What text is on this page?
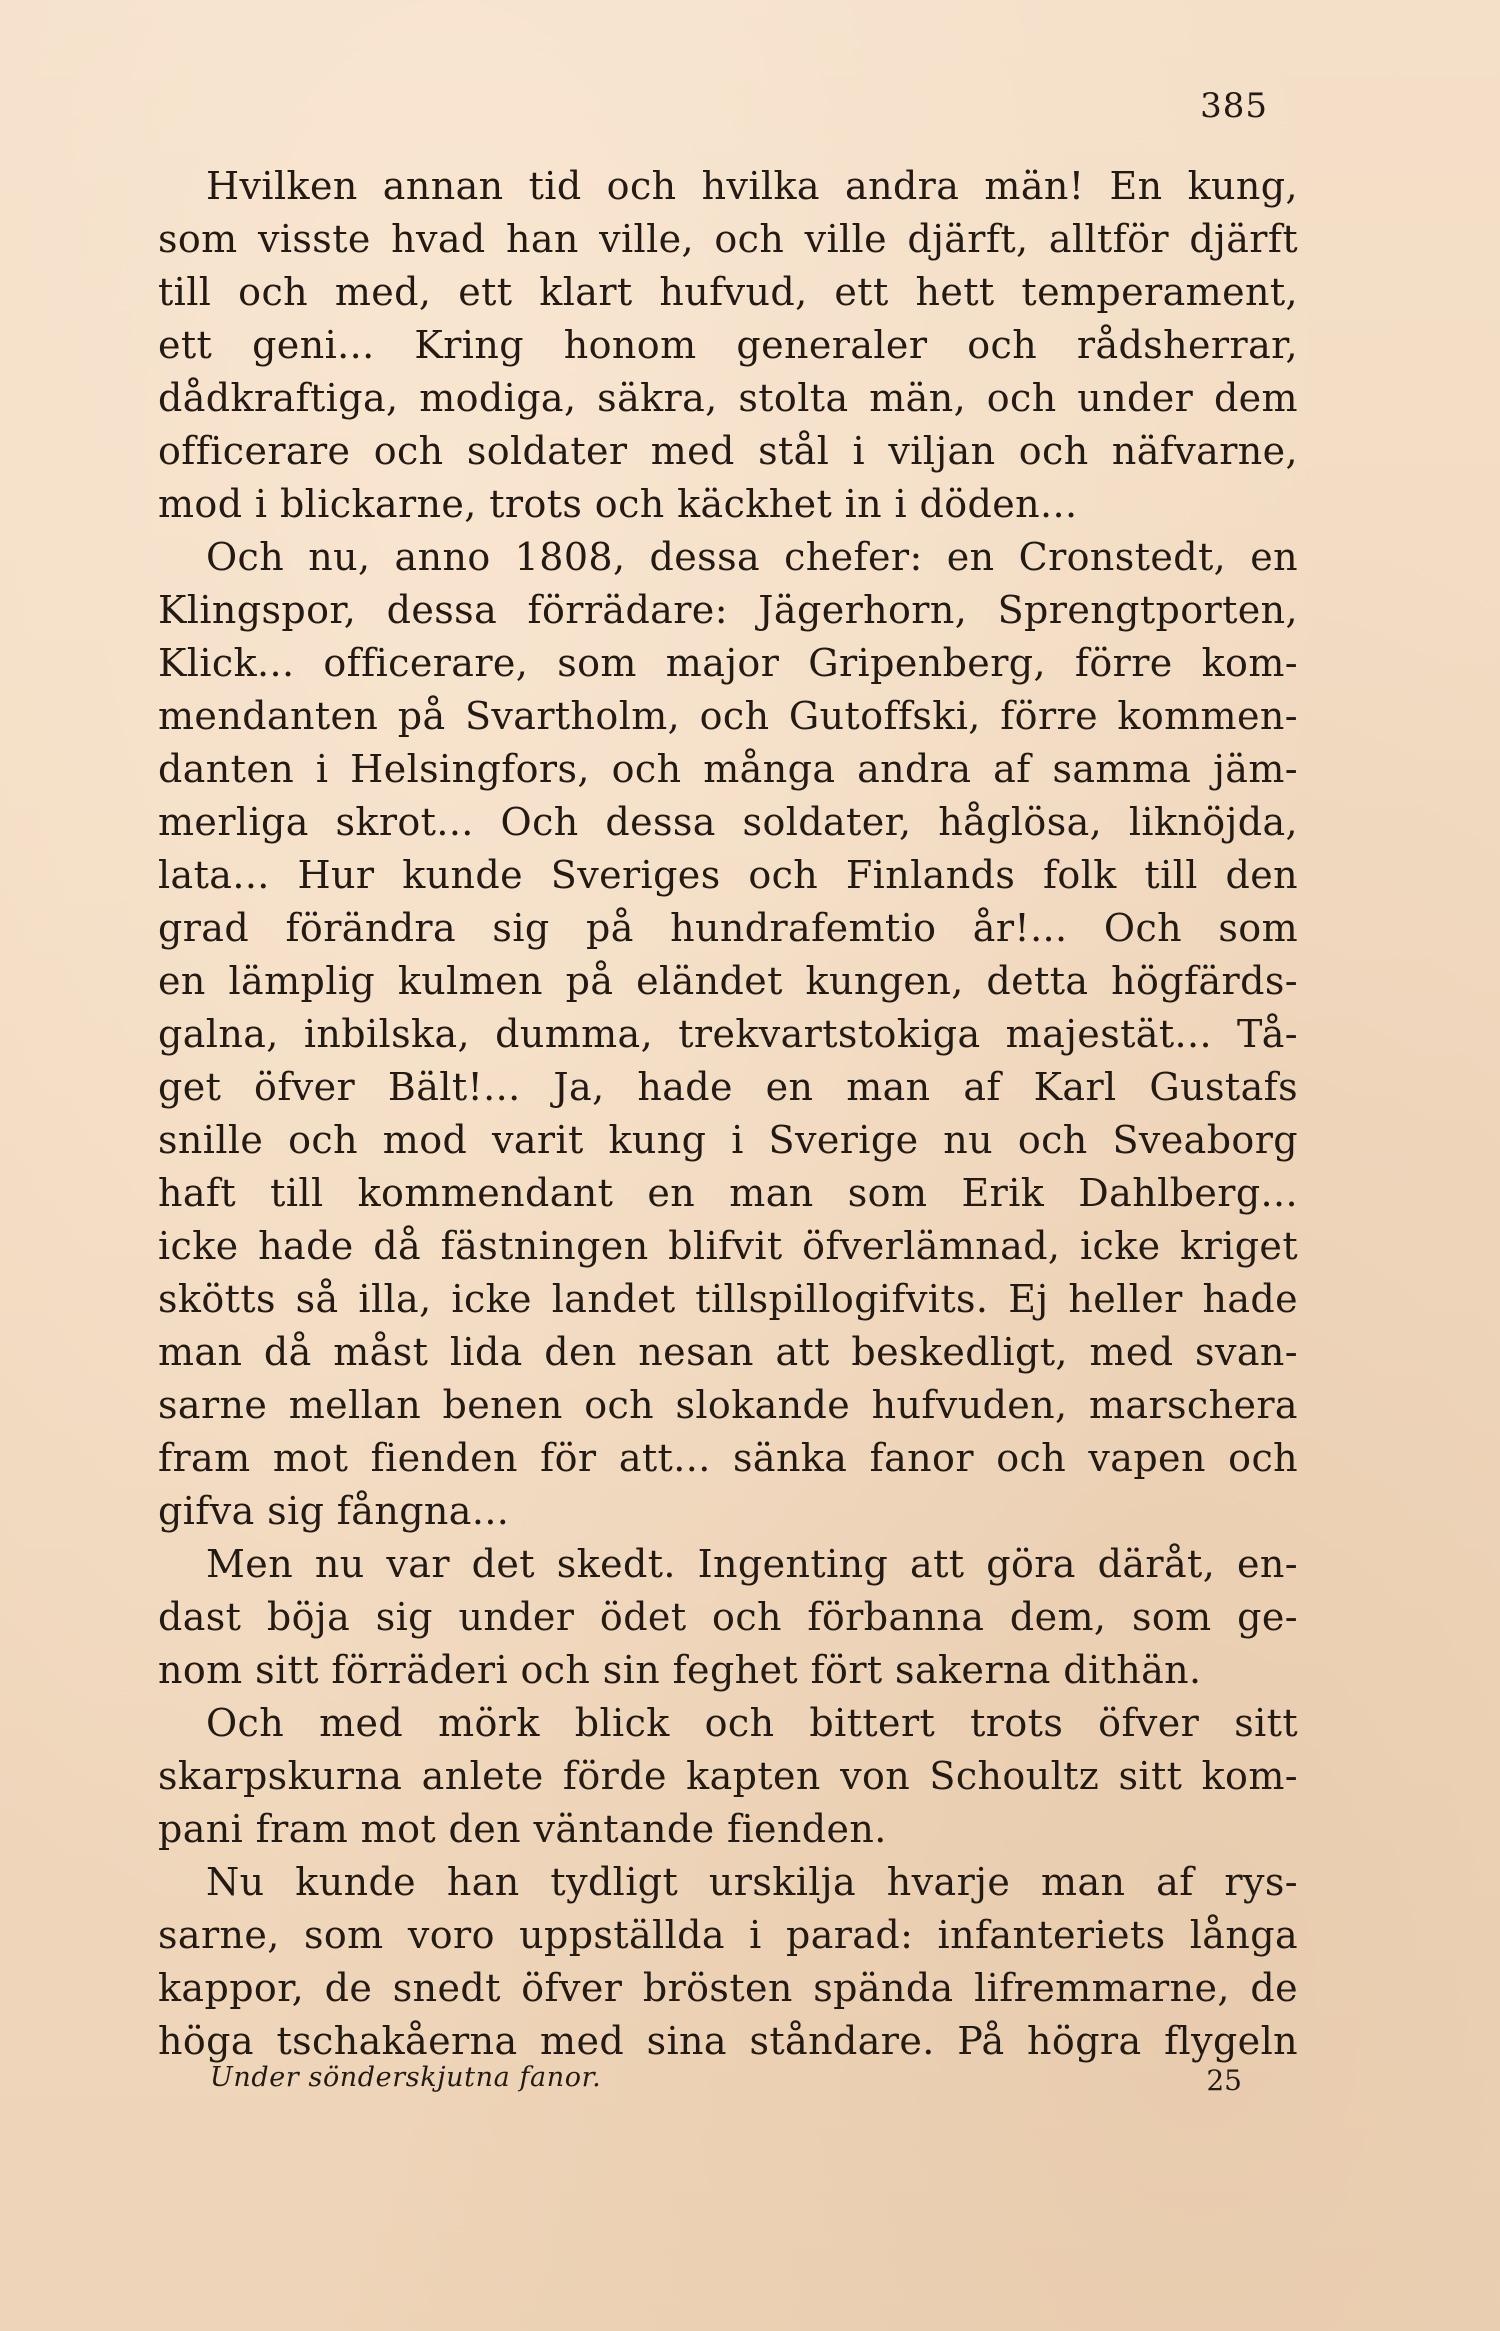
385
Hvilken annan tid och hvilka andra män! En kung,
som visste hvad han ville, och ville djärft, alltför djärft
till och med, ett klart hufvud, ett hett temperament,
ett geni... Kring honom generaler och rådsherrar,
dådkraftiga, modiga, säkra, stolta män, och under dem
officerare och soldater med stål i viljan och näfvarne,
mod i blickarne, trots och käckhet in i döden...
Och nu, anno 1808, dessa chefer: en Cronstedt, en
Klingspor, dessa förrädare: Jägerhorn, Sprengtporten,
Klick... officerare, som major Gripenberg, förre kom-
mendanten på Svartholm, och Gutoffski, förre kommen-
danten i Helsingfors, och många andra af samma jäm-
merliga skrot... Och dessa soldater, håglösa, liknöjda,
lata... Hur kunde Sveriges och Finlands folk till den
grad förändra sig på hundrafemtio år!... Och som
en lämplig kulmen på eländet kungen, detta högfärds-
galna, inbilska, dumma, trekvartstokiga majestät... Tå-
get öfver Bält!... Ja, hade en man af Karl Gustafs
snille och mod varit kung i Sverige nu och Sveaborg
haft till kommendant en man som Erik Dahlberg...
icke hade då fästningen blifvit öfverlämnad, icke kriget
skötts så illa, icke landet tillspillogifvits. Ej heller hade
man då måst lida den nesan att beskedligt, med svan-
sarne mellan benen och slokande hufvuden, marschera
fram mot fienden för att... sänka fanor och vapen och
gifva sig fångna...
Men nu var det skedt. Ingenting att göra däråt, en-
dast böja sig under ödet och förbanna dem, som ge-
nom sitt förräderi och sin feghet fört sakerna dithän.
Och med mörk blick och bittert trots öfver sitt
skarpskurna anlete förde kapten von Schoultz sitt kom-
pani fram mot den väntande fienden.
Nu kunde han tydligt urskilja hvarje man af rys-
sarne, som voro uppställda i parad: infanteriets långa
kappor, de snedt öfver brösten spända lifremmarne, de
höga tschakåerna med sina ståndare. På högra flygeln
Under sönderskjutna fanor.	25
